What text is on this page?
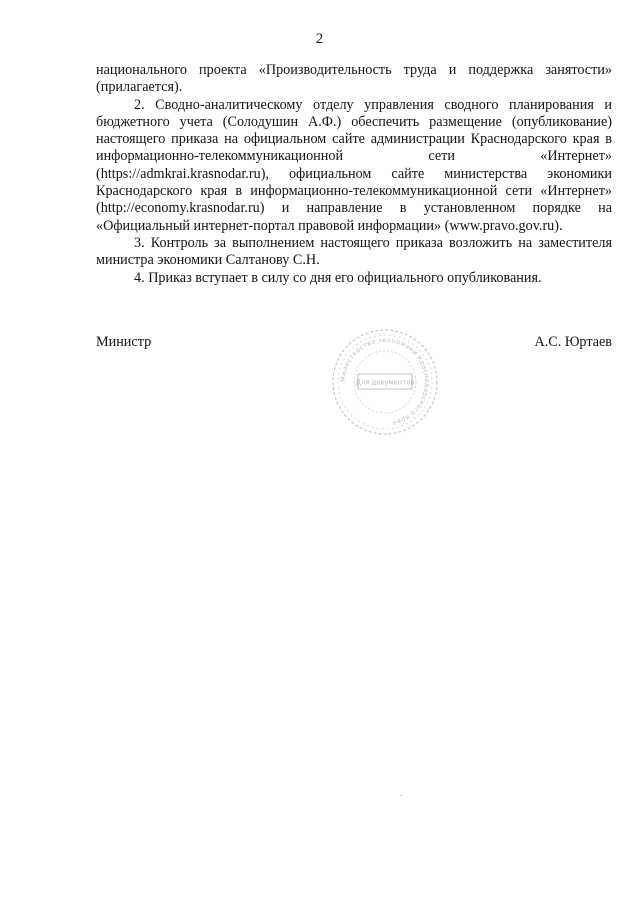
2

национального проекта «Производительность труда и поддержка занятости» (прилагается).

2. Сводно-аналитическому отделу управления сводного планирования и бюджетного учета (Солодушин А.Ф.) обеспечить размещение (опубликование) настоящего приказа на официальном сайте администрации Краснодарского края в информационно-телекоммуникационной сети «Интернет» (https://admkrai.krasnodar.ru), официальном сайте министерства экономики Краснодарского края в информационно-телекоммуникационной сети «Интернет» (http://economy.krasnodar.ru) и направление в установленном порядке на «Официальный интернет-портал правовой информации» (www.pravo.gov.ru).

3. Контроль за выполнением настоящего приказа возложить на заместителя министра экономики Салтанову С.Н.

4. Приказ вступает в силу со дня его официального опубликования.

Министр	А.С. Юртаев
Министерство экономики Краснодарского края
Для документов
